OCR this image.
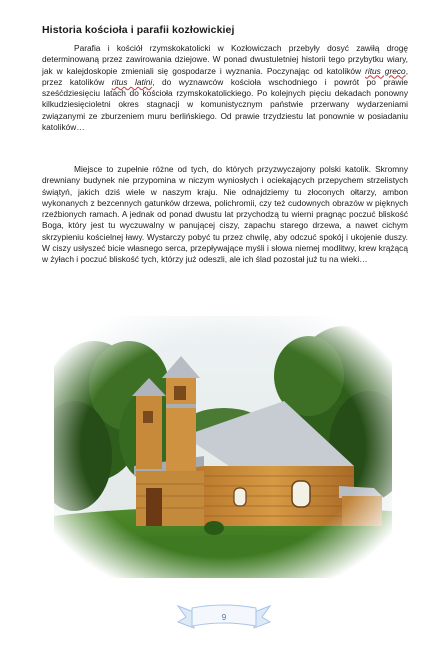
Historia kościoła i parafii kozłowickiej

Parafia i kościół rzymskokatolicki w Kozłowiczach przebyły dosyć zawiłą drogę determinowaną przez zawirowania dziejowe. W ponad dwustuletniej historii tego przybytku wiary, jak w kalejdoskopie zmieniali się gospodarze i wyznania. Poczynając od katolików ritus greco, przez katolików ritus latini, do wyznawców kościoła wschodniego i powrót po prawie sześćdziesięciu latach do kościoła rzymskokatolickiego. Po kolejnych pięciu dekadach ponowny kilkudziesięcioletni okres stagnacji w komunistycznym państwie przerwany wydarzeniami związanymi ze zburzeniem muru berlińskiego. Od prawie trzydziestu lat ponownie w posiadaniu katolików…

Miejsce to zupełnie różne od tych, do których przyzwyczajony polski katolik. Skromny drewniany budynek nie przypomina w niczym wyniosłych i ociekających przepychem strzelistych świątyń, jakich dziś wiele w naszym kraju. Nie odnajdziemy tu złoconych ołtarzy, ambon wykonanych z bezcennych gatunków drzewa, polichromii, czy też cudownych obrazów w pięknych rzeźbionych ramach. A jednak od ponad dwustu lat przychodzą tu wierni pragnąc poczuć bliskość Boga, który jest tu wyczuwalny w panującej ciszy, zapachu starego drzewa, a nawet cichym skrzypieniu kościelnej ławy. Wystarczy pobyć tu przez chwilę, aby odczuć spokój i ukojenie duszy. W ciszy usłyszeć bicie własnego serca, przepływające myśli i słowa niemej modlitwy, krew krążącą w żyłach i poczuć bliskość tych, którzy już odeszli, ale ich ślad pozostał już tu na wieki…

9
